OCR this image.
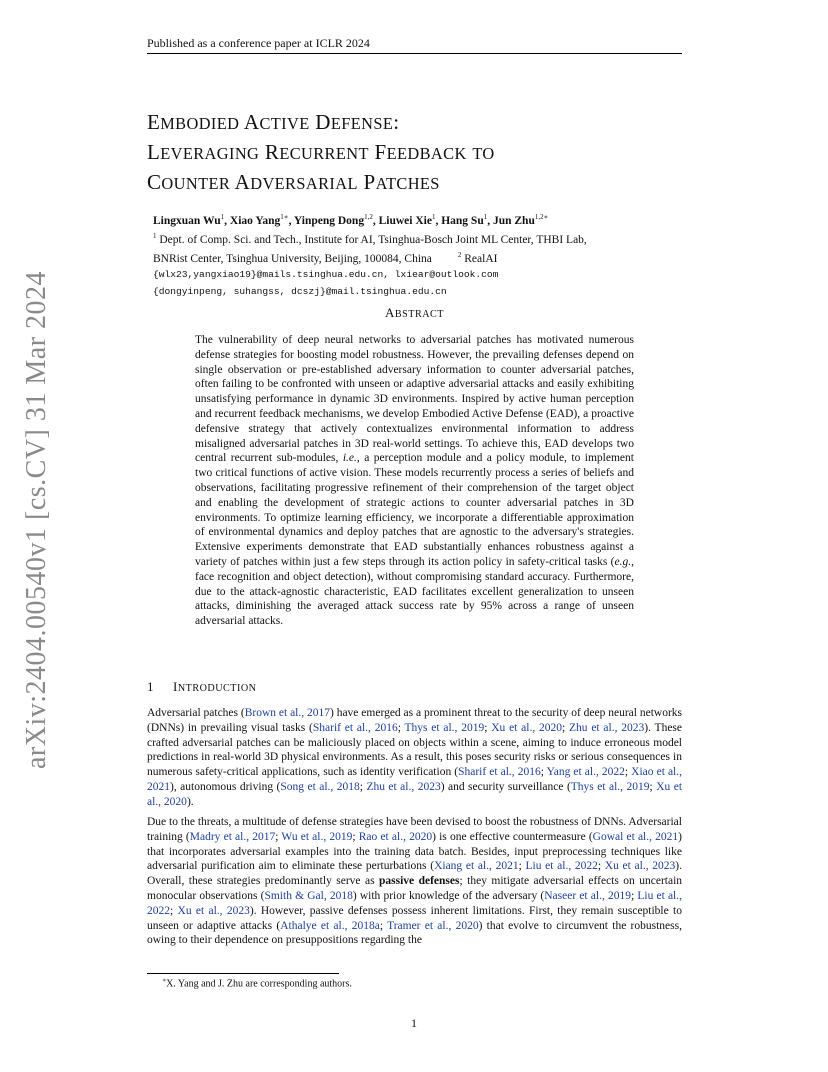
Published as a conference paper at ICLR 2024
arXiv:2404.00540v1 [cs.CV] 31 Mar 2024
EMBODIED ACTIVE DEFENSE:
LEVERAGING RECURRENT FEEDBACK TO
COUNTER ADVERSARIAL PATCHES
Lingxuan Wu$^1$, Xiao Yang$^{1∗}$, Yinpeng Dong$^{1,2}$, Liuwei Xie$^1$, Hang Su$^1$, Jun Zhu$^{1,2∗}$
$^1$ Dept. of Comp. Sci. and Tech., Institute for AI, Tsinghua-Bosch Joint ML Center, THBI Lab,
BNRist Center, Tsinghua University, Beijing, 100084, China	$^2$ RealAI
{wlx23,yangxiao19}@mails.tsinghua.edu.cn, lxiear@outlook.com
{dongyinpeng, suhangss, dcszj}@mail.tsinghua.edu.cn
ABSTRACT
The vulnerability of deep neural networks to adversarial patches has motivated numerous defense strategies for boosting model robustness. However, the prevailing defenses depend on single observation or pre-established adversary information to counter adversarial patches, often failing to be confronted with unseen or adaptive adversarial attacks and easily exhibiting unsatisfying performance in dynamic 3D environments. Inspired by active human perception and recurrent feedback mechanisms, we develop Embodied Active Defense (EAD), a proactive defensive strategy that actively contextualizes environmental information to address misaligned adversarial patches in 3D real-world settings. To achieve this, EAD develops two central recurrent sub-modules, i.e., a perception module and a policy module, to implement two critical functions of active vision. These models recurrently process a series of beliefs and observations, facilitating progressive refinement of their comprehension of the target object and enabling the development of strategic actions to counter adversarial patches in 3D environments. To optimize learning efficiency, we incorporate a differentiable approximation of environmental dynamics and deploy patches that are agnostic to the adversary's strategies. Extensive experiments demonstrate that EAD substantially enhances robustness against a variety of patches within just a few steps through its action policy in safety-critical tasks (e.g., face recognition and object detection), without compromising standard accuracy. Furthermore, due to the attack-agnostic characteristic, EAD facilitates excellent generalization to unseen attacks, diminishing the averaged attack success rate by 95% across a range of unseen adversarial attacks.
1 INTRODUCTION

Adversarial patches (Brown et al., 2017) have emerged as a prominent threat to the security of deep neural networks (DNNs) in prevailing visual tasks (Sharif et al., 2016; Thys et al., 2019; Xu et al., 2020; Zhu et al., 2023). These crafted adversarial patches can be maliciously placed on objects within a scene, aiming to induce erroneous model predictions in real-world 3D physical environments. As a result, this poses security risks or serious consequences in numerous safety-critical applications, such as identity verification (Sharif et al., 2016; Yang et al., 2022; Xiao et al., 2021), autonomous driving (Song et al., 2018; Zhu et al., 2023) and security surveillance (Thys et al., 2019; Xu et al., 2020).

Due to the threats, a multitude of defense strategies have been devised to boost the robustness of DNNs. Adversarial training (Madry et al., 2017; Wu et al., 2019; Rao et al., 2020) is one effective countermeasure (Gowal et al., 2021) that incorporates adversarial examples into the training data batch. Besides, input preprocessing techniques like adversarial purification aim to eliminate these perturbations (Xiang et al., 2021; Liu et al., 2022; Xu et al., 2023). Overall, these strategies predominantly serve as passive defenses; they mitigate adversarial effects on uncertain monocular observations (Smith & Gal, 2018) with prior knowledge of the adversary (Naseer et al., 2019; Liu et al., 2022; Xu et al., 2023). However, passive defenses possess inherent limitations. First, they remain susceptible to unseen or adaptive attacks (Athalye et al., 2018a; Tramer et al., 2020) that evolve to circumvent the robustness, owing to their dependence on presuppositions regarding the

∗X. Yang and J. Zhu are corresponding authors.
1
